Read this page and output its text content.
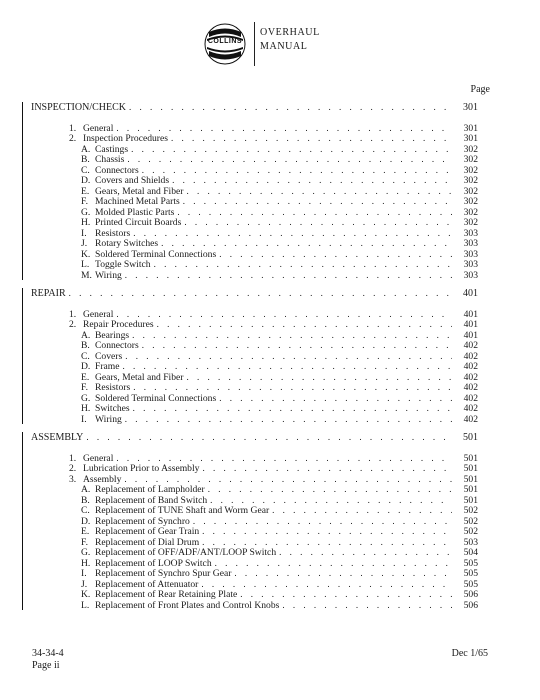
COLLINS
OVERHAUL
MANUAL
Page
INSPECTION/CHECK . . .	301
1. General . . .	301
2. Inspection Procedures . . .	301
A. Castings . . .	302
B. Chassis . . .	302
C. Connectors . . .	302
D. Covers and Shields . . .	302
E. Gears, Metal and Fiber . . .	302
F. Machined Metal Parts . . .	302
G. Molded Plastic Parts . . .	302
H. Printed Circuit Boards . . .	302
I. Resistors . . .	303
J. Rotary Switches . . .	303
K. Soldered Terminal Connections . . .	303
L. Toggle Switch . . .	303
M. Wiring . . .	303
REPAIR . . .	401
1. General . . .	401
2. Repair Procedures . . .	401
A. Bearings . . .	401
B. Connectors . . .	402
C. Covers . . .	402
D. Frame . . .	402
E. Gears, Metal and Fiber . . .	402
F. Resistors . . .	402
G. Soldered Terminal Connections . . .	402
H. Switches . . .	402
I. Wiring . . .	402
ASSEMBLY . . .	501
1. General . . .	501
2. Lubrication Prior to Assembly . . .	501
3. Assembly . . .	501
A. Replacement of Lampholder . . .	501
B. Replacement of Band Switch . . .	501
C. Replacement of TUNE Shaft and Worm Gear . . .	502
D. Replacement of Synchro . . .	502
E. Replacement of Gear Train . . .	502
F. Replacement of Dial Drum . . .	503
G. Replacement of OFF/ADF/ANT/LOOP Switch . . .	504
H. Replacement of LOOP Switch . . .	505
I. Replacement of Synchro Spur Gear . . .	505
J. Replacement of Attenuator . . .	505
K. Replacement of Rear Retaining Plate . . .	506
L. Replacement of Front Plates and Control Knobs . . .	506
34-34-4
Page ii
Dec 1/65
